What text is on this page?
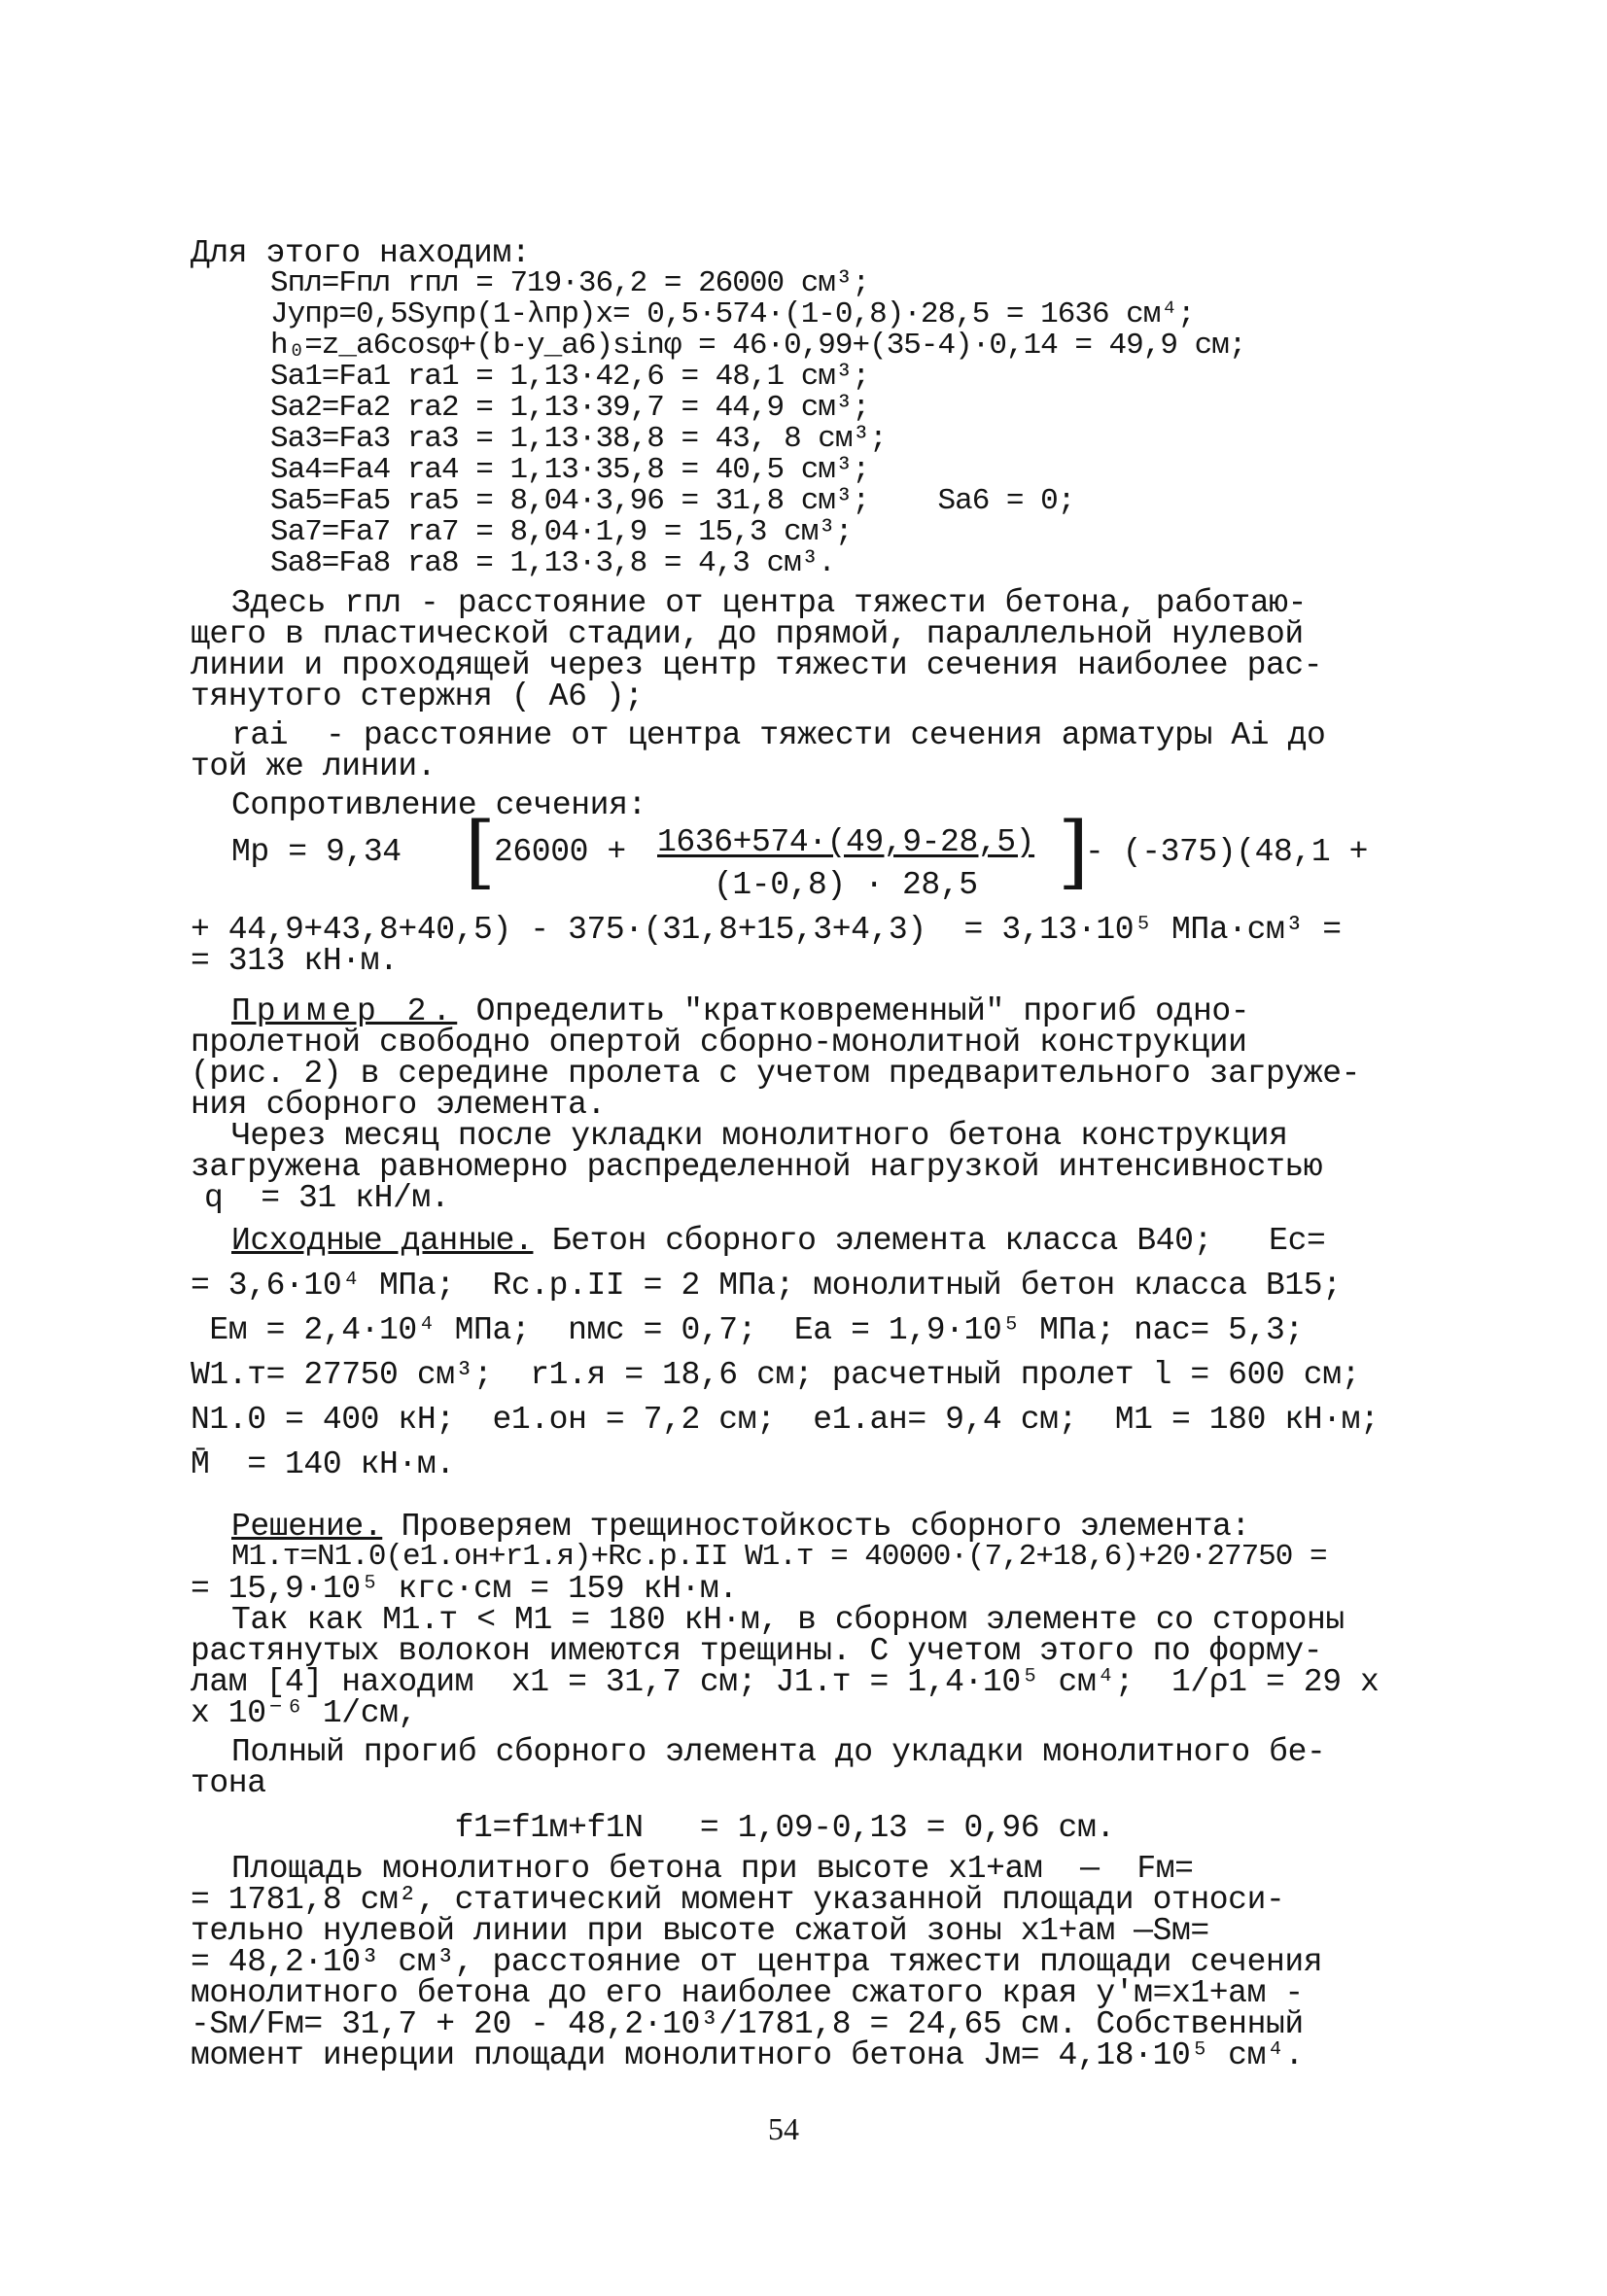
Для этого находим:

Sпл=Fпл rпл = 719·36,2 = 26000 см³;

Jупр=0,5Sупр(1-λпр)x= 0,5·574·(1-0,8)·28,5 = 1636 см⁴;

h₀=z_a6cosφ+(b-y_a6)sinφ = 46·0,99+(35-4)·0,14 = 49,9 см;

Sa1=Fa1 ra1 = 1,13·42,6 = 48,1 см³;

Sa2=Fa2 ra2 = 1,13·39,7 = 44,9 см³;

Sa3=Fa3 ra3 = 1,13·38,8 = 43, 8 см³;

Sa4=Fa4 ra4 = 1,13·35,8 = 40,5 см³;

Sa5=Fa5 ra5 = 8,04·3,96 = 31,8 см³;    Sa6 = 0;

Sa7=Fa7 ra7 = 8,04·1,9 = 15,3 см³;

Sa8=Fa8 ra8 = 1,13·3,8 = 4,3 см³.

Здесь rпл - расстояние от центра тяжести бетона, работаю-

щего в пластической стадии, до прямой, параллельной нулевой

линии и проходящей через центр тяжести сечения наиболее рас-

тянутого стержня ( A6 );

rai  - расстояние от центра тяжести сечения арматуры Ai до

той же линии.

Сопротивление сечения:

Mp = 9,34 [

26000 + 1636+574·(49,9-28,5)

(1-0,8) · 28,5 ]

- (-375)(48,1 +

+ 44,9+43,8+40,5) - 375·(31,8+15,3+4,3)  = 3,13·10⁵ МПа·см³ =

= 313 кН·м.

Пример 2. Определить "кратковременный" прогиб одно-

пролетной свободно опертой сборно-монолитной конструкции

(рис. 2) в середине пролета с учетом предварительного загруже-

ния сборного элемента.

Через месяц после укладки монолитного бетона конструкция

загружена равномерно распределенной нагрузкой интенсивностью

q  = 31 кН/м.

Исходные данные. Бетон сборного элемента класса В40;   Ec=

= 3,6·10⁴ МПа;  Rc.p.II = 2 МПа; монолитный бетон класса В15;

Eм = 2,4·10⁴ МПа;  nмс = 0,7;  Ea = 1,9·10⁵ МПа; nac= 5,3;

W1.т= 27750 см³;  r1.я = 18,6 см; расчетный пролет l = 600 см;

N1.0 = 400 кН;  e1.он = 7,2 см;  e1.ан= 9,4 см;  M1 = 180 кН·м;

M̄  = 140 кН·м.

Решение. Проверяем трещиностойкость сборного элемента:

M1.т=N1.0(e1.он+r1.я)+Rc.p.II W1.т = 40000·(7,2+18,6)+20·27750 =

= 15,9·10⁵ кгс·см = 159 кН·м.

Так как M1.т < M1 = 180 кН·м, в сборном элементе со стороны

растянутых волокон имеются трещины. С учетом этого по форму-

лам [4] находим  x1 = 31,7 см; J1.т = 1,4·10⁵ см⁴;  1/ρ1 = 29 x

x 10⁻⁶ 1/см,

Полный прогиб сборного элемента до укладки монолитного бе-

тона

f1=f1м+f1N   = 1,09-0,13 = 0,96 см.

Площадь монолитного бетона при высоте x1+aм  —  Fм=

= 1781,8 см², статический момент указанной площади относи-

тельно нулевой линии при высоте сжатой зоны x1+aм —Sм=

= 48,2·10³ см³, расстояние от центра тяжести площади сечения

монолитного бетона до его наиболее сжатого края y'м=x1+aм -

-Sм/Fм= 31,7 + 20 - 48,2·10³/1781,8 = 24,65 см. Собственный

момент инерции площади монолитного бетона Jм= 4,18·10⁵ см⁴.

54
